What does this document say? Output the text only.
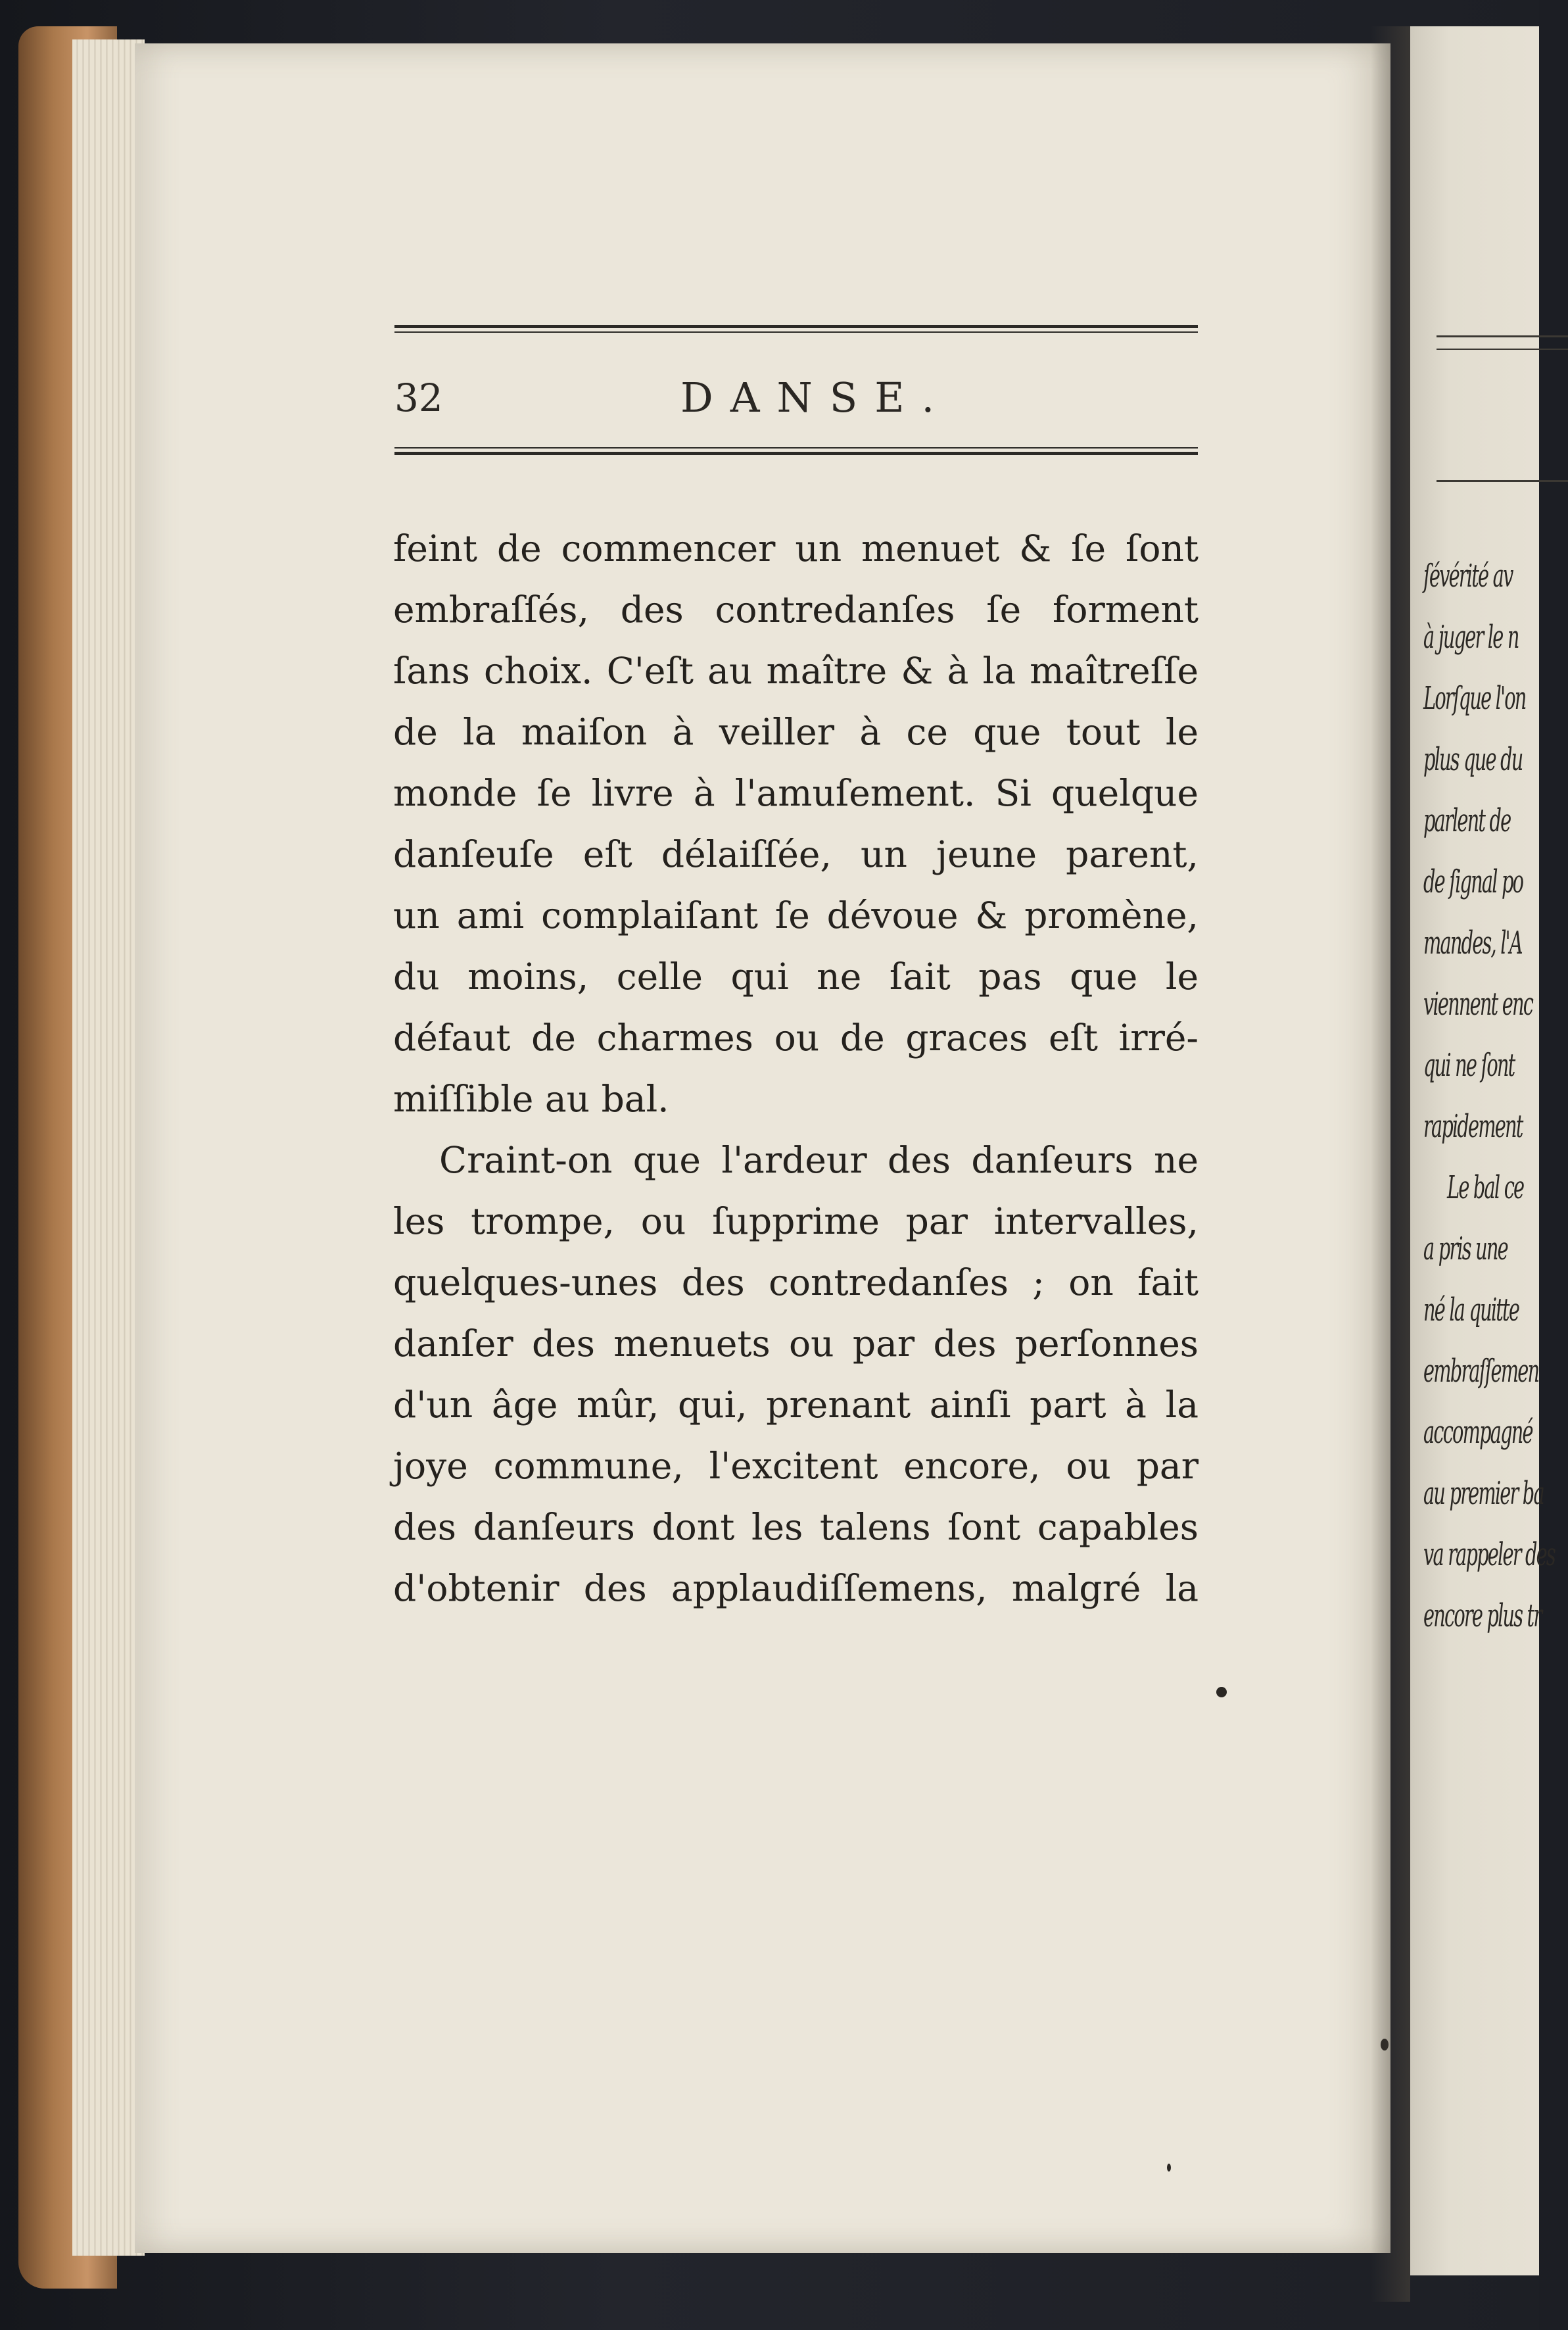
32	DANSE.
feint de commencer un menuet & ſe ſont
embraſſés, des contredanſes ſe forment
ſans choix. C'eſt au maître & à la maîtreſſe
de la maiſon à veiller à ce que tout le
monde ſe livre à l'amuſement. Si quelque
danſeuſe eſt délaiſſée, un jeune parent,
un ami complaiſant ſe dévoue & promène,
du moins, celle qui ne ſait pas que le
défaut de charmes ou de graces eſt irré-
miſſible au bal.
Craint-on que l'ardeur des danſeurs ne
les trompe, ou ſupprime par intervalles,
quelques-unes des contredanſes ; on fait
danſer des menuets ou par des perſonnes
d'un âge mûr, qui, prenant ainſi part à la
joye commune, l'excitent encore, ou par
des danſeurs dont les talens ſont capables
d'obtenir des applaudiſſemens, malgré la
ſévérité av
à juger le n
Lorſque l'on
plus que du
parlent de
de ſignal po
mandes, l'A
viennent enc
qui ne ſont
rapidement
Le bal ce
a pris une
né la quitte
embraſſemen
accompagné
au premier ba
va rappeler des
encore plus tr
